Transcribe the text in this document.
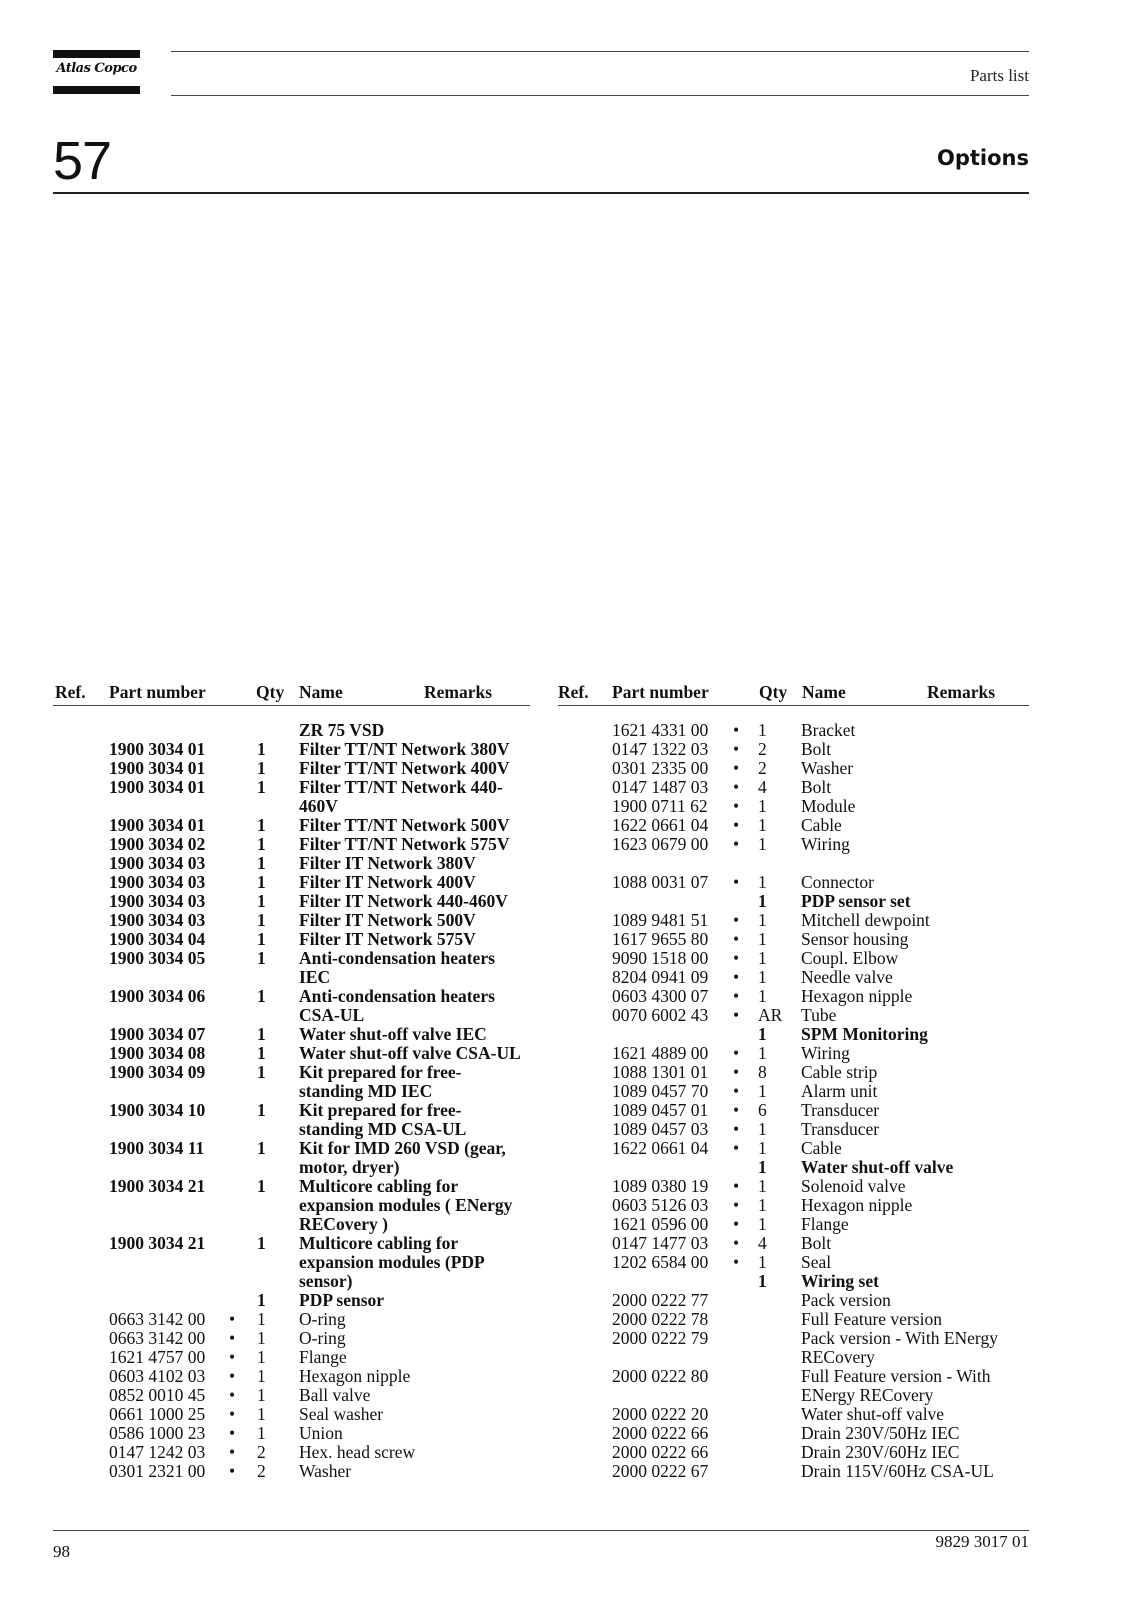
Atlas Copco	Parts list
57	Options
Ref. Part number	Qty Name	Remarks	Ref. Part number	Qty Name	Remarks
ZR 75 VSD
1900 3034 01	1 Filter TT/NT Network 380V
1900 3034 01	1 Filter TT/NT Network 400V
1900 3034 01	1 Filter TT/NT Network 440-
460V
1900 3034 01	1 Filter TT/NT Network 500V
1900 3034 02	1 Filter TT/NT Network 575V
1900 3034 03	1 Filter IT Network 380V
1900 3034 03	1 Filter IT Network 400V
1900 3034 03	1 Filter IT Network 440-460V
1900 3034 03	1 Filter IT Network 500V
1900 3034 04	1 Filter IT Network 575V
1900 3034 05	1 Anti-condensation heaters
IEC
1900 3034 06	1 Anti-condensation heaters
CSA-UL
1900 3034 07	1 Water shut-off valve IEC
1900 3034 08	1 Water shut-off valve CSA-UL
1900 3034 09	1 Kit prepared for free-
standing MD IEC
1900 3034 10	1 Kit prepared for free-
standing MD CSA-UL
1900 3034 11	1 Kit for IMD 260 VSD (gear,
motor, dryer)
1900 3034 21	1 Multicore cabling for
expansion modules ( ENergy
RECovery )
1900 3034 21	1 Multicore cabling for
expansion modules (PDP
sensor)
1 PDP sensor
0663 3142 00 • 1 O-ring
0663 3142 00 • 1 O-ring
1621 4757 00 • 1 Flange
0603 4102 03 • 1 Hexagon nipple
0852 0010 45 • 1 Ball valve
0661 1000 25 • 1 Seal washer
0586 1000 23 • 1 Union
0147 1242 03 • 2 Hex. head screw
0301 2321 00 • 2 Washer
1621 4331 00 • 1 Bracket
0147 1322 03 • 2 Bolt
0301 2335 00 • 2 Washer
0147 1487 03 • 4 Bolt
1900 0711 62 • 1 Module
1622 0661 04 • 1 Cable
1623 0679 00 • 1 Wiring
1088 0031 07 • 1 Connector
1 PDP sensor set
1089 9481 51 • 1 Mitchell dewpoint
1617 9655 80 • 1 Sensor housing
9090 1518 00 • 1 Coupl. Elbow
8204 0941 09 • 1 Needle valve
0603 4300 07 • 1 Hexagon nipple
0070 6002 43 • AR Tube
1 SPM Monitoring
1621 4889 00 • 1 Wiring
1088 1301 01 • 8 Cable strip
1089 0457 70 • 1 Alarm unit
1089 0457 01 • 6 Transducer
1089 0457 03 • 1 Transducer
1622 0661 04 • 1 Cable
1 Water shut-off valve
1089 0380 19 • 1 Solenoid valve
0603 5126 03 • 1 Hexagon nipple
1621 0596 00 • 1 Flange
0147 1477 03 • 4 Bolt
1202 6584 00 • 1 Seal
1 Wiring set
2000 0222 77	Pack version
2000 0222 78	Full Feature version
2000 0222 79	Pack version - With ENergy
RECovery
2000 0222 80	Full Feature version - With
ENergy RECovery
2000 0222 20	Water shut-off valve
2000 0222 66	Drain 230V/50Hz IEC
2000 0222 66	Drain 230V/60Hz IEC
2000 0222 67	Drain 115V/60Hz CSA-UL
98
9829 3017 01
